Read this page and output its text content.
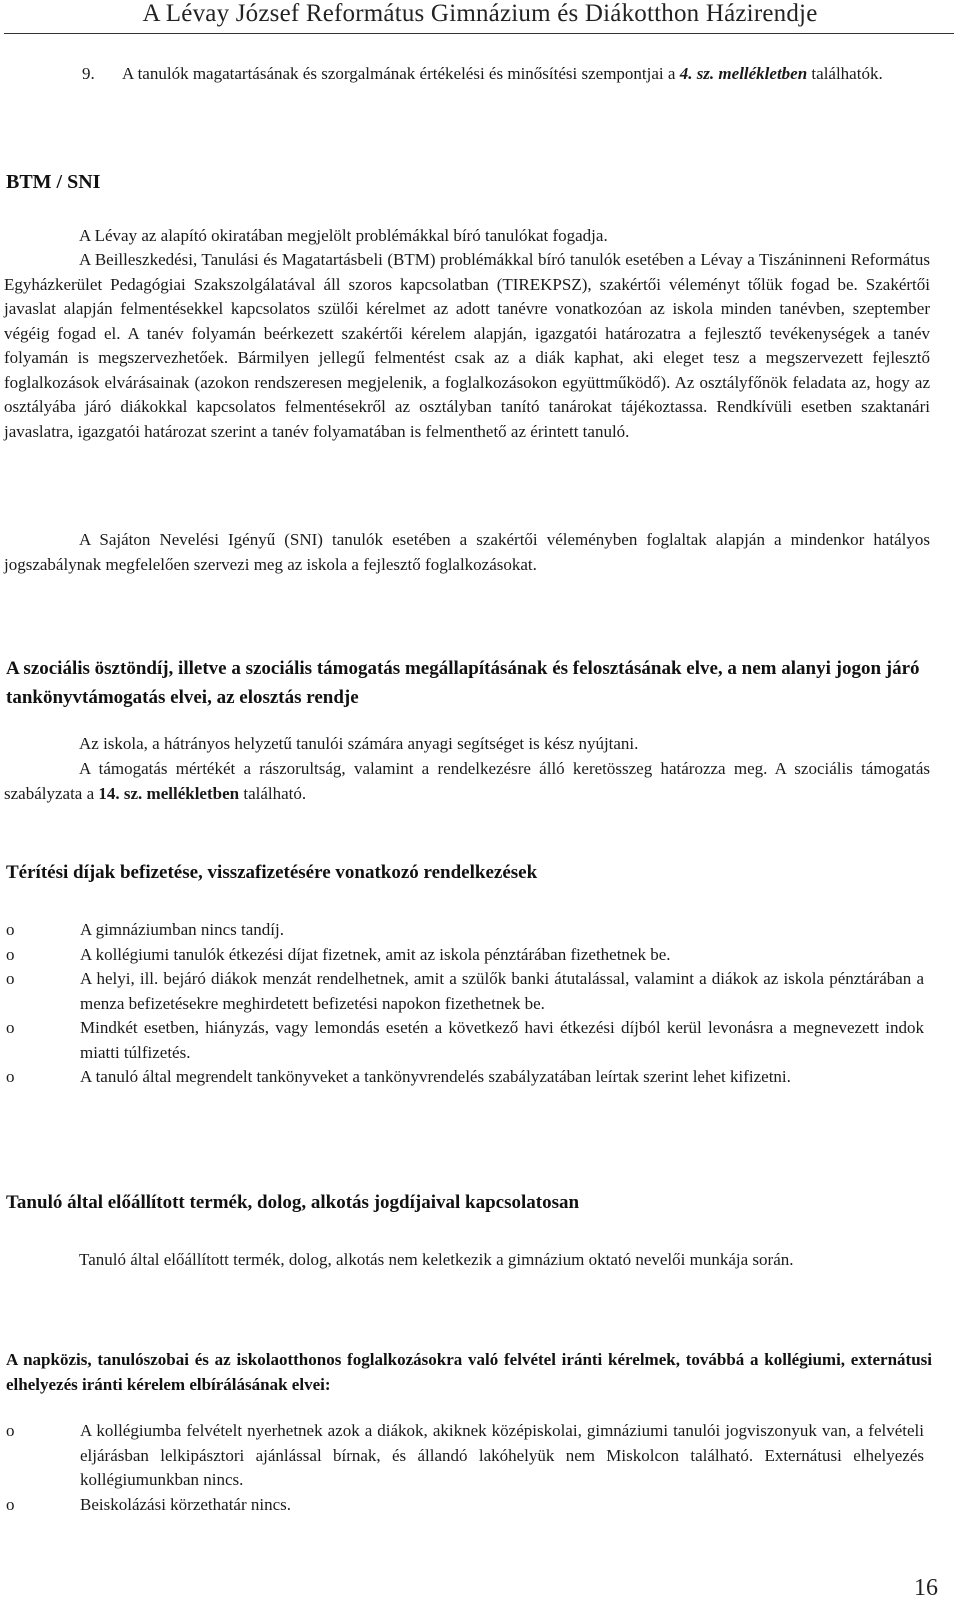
A Lévay József Református Gimnázium és Diákotthon Házirendje
9.	A tanulók magatartásának és szorgalmának értékelési és minősítési szempontjai a 4. sz. mellékletben találhatók.
BTM / SNI
A Lévay az alapító okiratában megjelölt problémákkal bíró tanulókat fogadja.
A Beilleszkedési, Tanulási és Magatartásbeli (BTM) problémákkal bíró tanulók esetében a Lévay a Tiszáninneni Református Egyházkerület Pedagógiai Szakszolgálatával áll szoros kapcsolatban (TIREKPSZ), szakértői véleményt tőlük fogad be. Szakértői javaslat alapján felmentésekkel kapcsolatos szülői kérelmet az adott tanévre vonatkozóan az iskola minden tanévben, szeptember végéig fogad el. A tanév folyamán beérkezett szakértői kérelem alapján, igazgatói határozatra a fejlesztő tevékenységek a tanév folyamán is megszervezhetőek. Bármilyen jellegű felmentést csak az a diák kaphat, aki eleget tesz a megszervezett fejlesztő foglalkozások elvárásainak (azokon rendszeresen megjelenik, a foglalkozásokon együttműködő). Az osztályfőnök feladata az, hogy az osztályába járó diákokkal kapcsolatos felmentésekről az osztályban tanító tanárokat tájékoztassa. Rendkívüli esetben szaktanári javaslatra, igazgatói határozat szerint a tanév folyamatában is felmenthető az érintett tanuló.
A Sajáton Nevelési Igényű (SNI) tanulók esetében a szakértői véleményben foglaltak alapján a mindenkor hatályos jogszabálynak megfelelően szervezi meg az iskola a fejlesztő foglalkozásokat.
A szociális ösztöndíj, illetve a szociális támogatás megállapításának és felosztásának elve, a nem alanyi jogon járó tankönyvtámogatás elvei, az elosztás rendje
Az iskola, a hátrányos helyzetű tanulói számára anyagi segítséget is kész nyújtani.
A támogatás mértékét a rászorultság, valamint a rendelkezésre álló keretösszeg határozza meg. A szociális támogatás szabályzata a 14. sz. mellékletben található.
Térítési díjak befizetése, visszafizetésére vonatkozó rendelkezések
o	A gimnáziumban nincs tandíj.
o	A kollégiumi tanulók étkezési díjat fizetnek, amit az iskola pénztárában fizethetnek be.
o	A helyi, ill. bejáró diákok menzát rendelhetnek, amit a szülők banki átutalással, valamint a diákok az iskola pénztárában a menza befizetésekre meghirdetett befizetési napokon fizethetnek be.
o	Mindkét esetben, hiányzás, vagy lemondás esetén a következő havi étkezési díjból kerül levonásra a megnevezett indok miatti túlfizetés.
o	A tanuló által megrendelt tankönyveket a tankönyvrendelés szabályzatában leírtak szerint lehet kifizetni.
Tanuló által előállított termék, dolog, alkotás jogdíjaival kapcsolatosan
Tanuló által előállított termék, dolog, alkotás nem keletkezik a gimnázium oktató nevelői munkája során.
A napközis, tanulószobai és az iskolaotthonos foglalkozásokra való felvétel iránti kérelmek, továbbá a kollégiumi, externátusi elhelyezés iránti kérelem elbírálásának elvei:
o	A kollégiumba felvételt nyerhetnek azok a diákok, akiknek középiskolai, gimnáziumi tanulói jogviszonyuk van, a felvételi eljárásban lelkipásztori ajánlással bírnak, és állandó lakóhelyük nem Miskolcon található. Externátusi elhelyezés kollégiumunkban nincs.
o	Beiskolázási körzethatár nincs.
16
